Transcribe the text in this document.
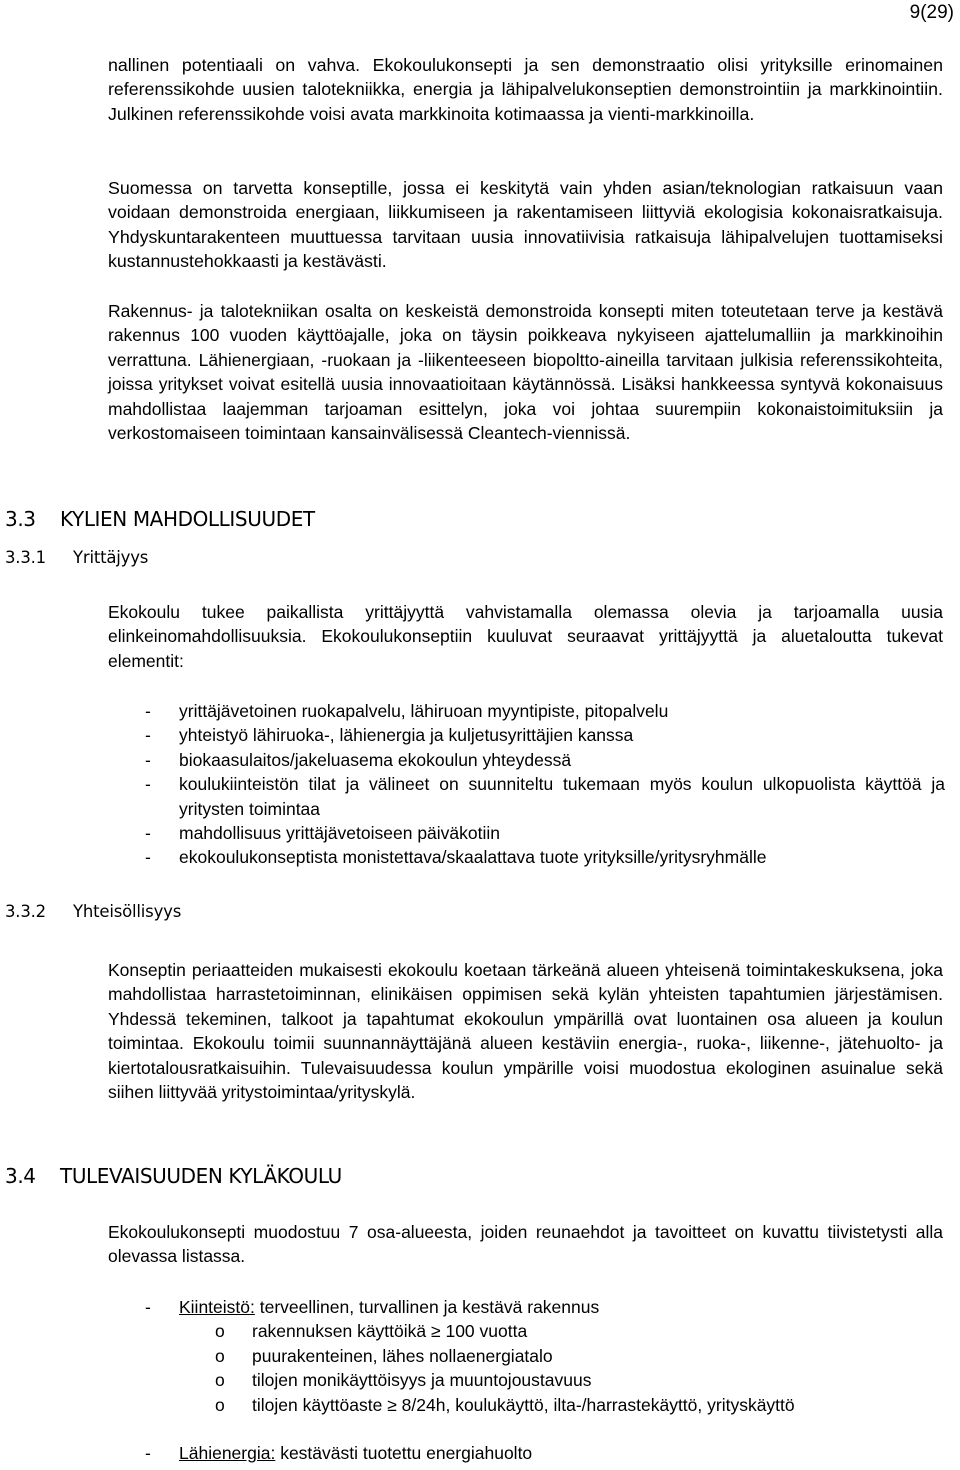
9(29)

nallinen potentiaali on vahva. Ekokoulukonsepti ja sen demonstraatio olisi yrityksille erinomainen referenssikohde uusien talotekniikka, energia ja lähipalvelukonseptien demonstrointiin ja markkinointiin. Julkinen referenssikohde voisi avata markkinoita kotimaassa ja vienti-markkinoilla.

Suomessa on tarvetta konseptille, jossa ei keskitytä vain yhden asian/teknologian ratkaisuun vaan voidaan demonstroida energiaan, liikkumiseen ja rakentamiseen liittyviä ekologisia kokonaisratkaisuja. Yhdyskuntarakenteen muuttuessa tarvitaan uusia innovatiivisia ratkaisuja lähipalvelujen tuottamiseksi kustannustehokkaasti ja kestävästi.

Rakennus- ja talotekniikan osalta on keskeistä demonstroida konsepti miten toteutetaan terve ja kestävä rakennus 100 vuoden käyttöajalle, joka on täysin poikkeava nykyiseen ajattelumalliin ja markkinoihin verrattuna. Lähienergiaan, -ruokaan ja -liikenteeseen biopoltto-aineilla tarvitaan julkisia referenssikohteita, joissa yritykset voivat esitellä uusia innovaatioitaan käytännössä. Lisäksi hankkeessa syntyvä kokonaisuus mahdollistaa laajemman tarjoaman esittelyn, joka voi johtaa suurempiin kokonaistoimituksiin ja verkostomaiseen toimintaan kansainvälisessä Cleantech-viennissä.

3.3 KYLIEN MAHDOLLISUUDET
3.3.1 Yrittäjyys

Ekokoulu tukee paikallista yrittäjyyttä vahvistamalla olemassa olevia ja tarjoamalla uusia elinkeinomahdollisuuksia. Ekokoulukonseptiin kuuluvat seuraavat yrittäjyyttä ja aluetaloutta tukevat elementit:

- yrittäjävetoinen ruokapalvelu, lähiruoan myyntipiste, pitopalvelu
- yhteistyö lähiruoka-, lähienergia ja kuljetusyrittäjien kanssa
- biokaasulaitos/jakeluasema ekokoulun yhteydessä
- koulukiinteistön tilat ja välineet on suunniteltu tukemaan myös koulun ulkopuolista käyttöä ja yritysten toimintaa
- mahdollisuus yrittäjävetoiseen päiväkotiin
- ekokoulukonseptista monistettava/skaalattava tuote yrityksille/yritysryhmälle
3.3.2 Yhteisöllisyys

Konseptin periaatteiden mukaisesti ekokoulu koetaan tärkeänä alueen yhteisenä toimintakeskuksena, joka mahdollistaa harrastetoiminnan, elinikäisen oppimisen sekä kylän yhteisten tapahtumien järjestämisen. Yhdessä tekeminen, talkoot ja tapahtumat ekokoulun ympärillä ovat luontainen osa alueen ja koulun toimintaa. Ekokoulu toimii suunnannäyttäjänä alueen kestäviin energia-, ruoka-, liikenne-, jätehuolto- ja kiertotalousratkaisuihin. Tulevaisuudessa koulun ympärille voisi muodostua ekologinen asuinalue sekä siihen liittyvää yritystoimintaa/yrityskylä.

3.4 TULEVAISUUDEN KYLÄKOULU

Ekokoulukonsepti muodostuu 7 osa-alueesta, joiden reunaehdot ja tavoitteet on kuvattu tiivistetysti alla olevassa listassa.

- Kiinteistö: terveellinen, turvallinen ja kestävä rakennus
o rakennuksen käyttöikä ≥ 100 vuotta
o puurakenteinen, lähes nollaenergiatalo
o tilojen monikäyttöisyys ja muuntojoustavuus
o tilojen käyttöaste ≥ 8/24h, koulukäyttö, ilta-/harrastekäyttö, yrityskäyttö
- Lähienergia: kestävästi tuotettu energiahuolto
